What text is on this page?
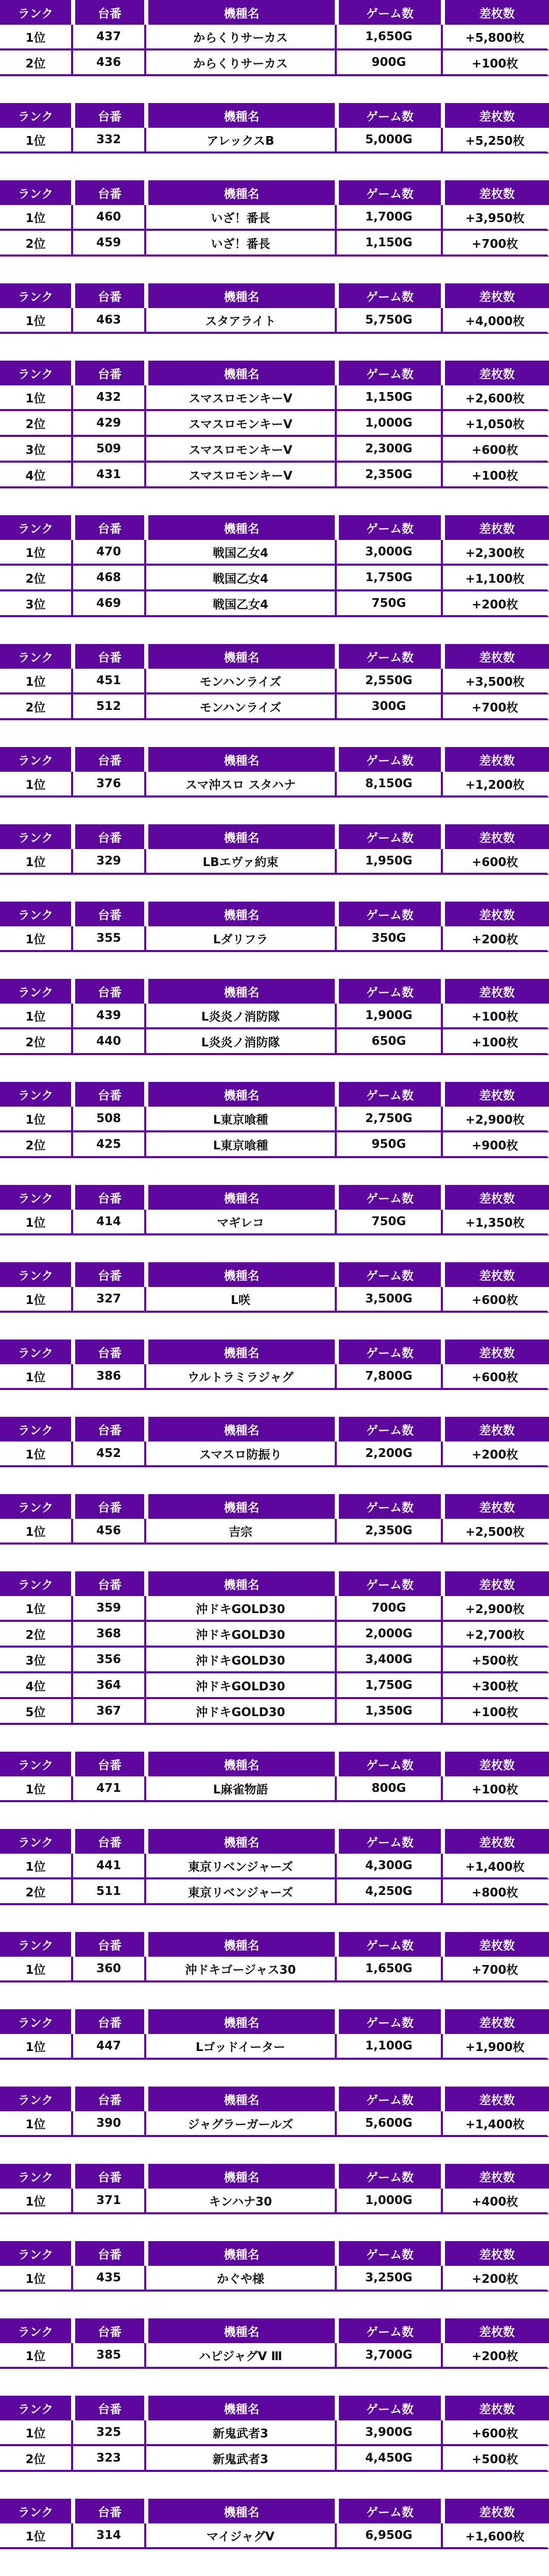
ランク	台番	機種名	ゲーム数	差枚数
1位	437	からくりサーカス	1,650G	+5,800枚
2位	436	からくりサーカス	900G	+100枚
ランク	台番	機種名	ゲーム数	差枚数
1位	332	アレックスB	5,000G	+5,250枚
ランク	台番	機種名	ゲーム数	差枚数
1位	460	いざ！番長	1,700G	+3,950枚
2位	459	いざ！番長	1,150G	+700枚
ランク	台番	機種名	ゲーム数	差枚数
1位	463	スタアライト	5,750G	+4,000枚
ランク	台番	機種名	ゲーム数	差枚数
1位	432	スマスロモンキーV	1,150G	+2,600枚
2位	429	スマスロモンキーV	1,000G	+1,050枚
3位	509	スマスロモンキーV	2,300G	+600枚
4位	431	スマスロモンキーV	2,350G	+100枚
ランク	台番	機種名	ゲーム数	差枚数
1位	470	戦国乙女4	3,000G	+2,300枚
2位	468	戦国乙女4	1,750G	+1,100枚
3位	469	戦国乙女4	750G	+200枚
ランク	台番	機種名	ゲーム数	差枚数
1位	451	モンハンライズ	2,550G	+3,500枚
2位	512	モンハンライズ	300G	+700枚
ランク	台番	機種名	ゲーム数	差枚数
1位	376	スマ沖スロ スタハナ	8,150G	+1,200枚
ランク	台番	機種名	ゲーム数	差枚数
1位	329	LBエヴァ約束	1,950G	+600枚
ランク	台番	機種名	ゲーム数	差枚数
1位	355	Lダリフラ	350G	+200枚
ランク	台番	機種名	ゲーム数	差枚数
1位	439	L炎炎ノ消防隊	1,900G	+100枚
2位	440	L炎炎ノ消防隊	650G	+100枚
ランク	台番	機種名	ゲーム数	差枚数
1位	508	L東京喰種	2,750G	+2,900枚
2位	425	L東京喰種	950G	+900枚
ランク	台番	機種名	ゲーム数	差枚数
1位	414	マギレコ	750G	+1,350枚
ランク	台番	機種名	ゲーム数	差枚数
1位	327	L咲	3,500G	+600枚
ランク	台番	機種名	ゲーム数	差枚数
1位	386	ウルトラミラジャグ	7,800G	+600枚
ランク	台番	機種名	ゲーム数	差枚数
1位	452	スマスロ防振り	2,200G	+200枚
ランク	台番	機種名	ゲーム数	差枚数
1位	456	吉宗	2,350G	+2,500枚
ランク	台番	機種名	ゲーム数	差枚数
1位	359	沖ドキGOLD30	700G	+2,900枚
2位	368	沖ドキGOLD30	2,000G	+2,700枚
3位	356	沖ドキGOLD30	3,400G	+500枚
4位	364	沖ドキGOLD30	1,750G	+300枚
5位	367	沖ドキGOLD30	1,350G	+100枚
ランク	台番	機種名	ゲーム数	差枚数
1位	471	L麻雀物語	800G	+100枚
ランク	台番	機種名	ゲーム数	差枚数
1位	441	東京リベンジャーズ	4,300G	+1,400枚
2位	511	東京リベンジャーズ	4,250G	+800枚
ランク	台番	機種名	ゲーム数	差枚数
1位	360	沖ドキゴージャス30	1,650G	+700枚
ランク	台番	機種名	ゲーム数	差枚数
1位	447	Lゴッドイーター	1,100G	+1,900枚
ランク	台番	機種名	ゲーム数	差枚数
1位	390	ジャグラーガールズ	5,600G	+1,400枚
ランク	台番	機種名	ゲーム数	差枚数
1位	371	キンハナ30	1,000G	+400枚
ランク	台番	機種名	ゲーム数	差枚数
1位	435	かぐや様	3,250G	+200枚
ランク	台番	機種名	ゲーム数	差枚数
1位	385	ハピジャグV Ⅲ	3,700G	+200枚
ランク	台番	機種名	ゲーム数	差枚数
1位	325	新鬼武者3	3,900G	+600枚
2位	323	新鬼武者3	4,450G	+500枚
ランク	台番	機種名	ゲーム数	差枚数
1位	314	マイジャグV	6,950G	+1,600枚
